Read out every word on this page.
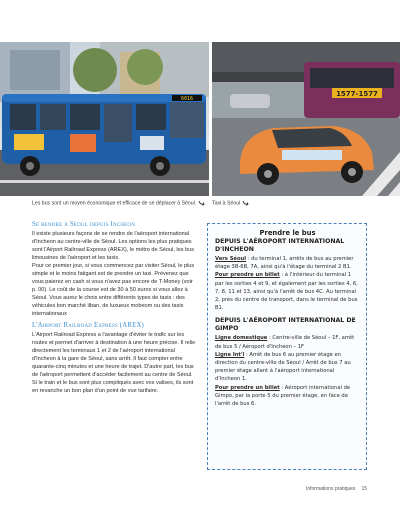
6016
1577-1577
Les bus sont un moyen économique et efficace de se déplacer à Séoul.	Taxi à Séoul
Se rendre à Séoul depuis Incheon

Il existe plusieurs façons de se rendre de l'aéroport international d'Incheon au centre-ville de Séoul. Les options les plus pratiques sont l'Airport Railroad Express (AREX), le métro de Séoul, les bus limousines de l'aéroport et les taxis.

Pour ce premier jour, si vous commencez par visiter Séoul, le plus simple et le moins fatigant est de prendre un taxi. Prévenez que vous paierez en cash si vous n'avez pas encore de T-Money (voir p. 00). Le coût de la course est de 30 à 50 euros si vous allez à Séoul. Vous aurez le choix entre différents types de taxis : des véhicules bon marché ilban, de luxueux mobeom ou des taxis internationaux

L'Airport Railroad Express (AREX)

L'Airport Railroad Express a l'avantage d'éviter le trafic sur les routes et permet d'arriver à destination à une heure précise. Il relie directement les terminaux 1 et 2 de l'aéroport international d'Incheon à la gare de Séoul, sans arrêt. Il faut compter entre quarante-cinq minutes et une heure de trajet. D'autre part, les bus de l'aéroport permettent d'accéder facilement au centre de Séoul. Si le train et le bus sont plus compliqués avec vos valises, ils sont en revanche un bon plan d'un point de vue tarifaire.

Prendre le bus
DEPUIS L'AÉROPORT INTERNATIONAL D'INCHEON

Vers Séoul : du terminal 1, arrêts de bus au premier étage 3B-6B, 7A, ainsi qu'à l'étage du terminal 2 B1.

Pour prendre un billet : à l'intérieur du terminal 1 par les sorties 4 et 9, et également par les sorties 4, 6, 7, 8, 11 et 13, ainsi qu'à l'arrêt de bus 4C. Au terminal 2, près du centre de transport, dans le terminal de bus B1.

DEPUIS L'AÉROPORT INTERNATIONAL DE GIMPO

Ligne domestique : Centre-ville de Séoul – 1F, arrêt de bus 5 / Aéroport d'Incheon – 1F

Ligne Int'l : Arrêt de bus 6 au premier étage en direction du centre-ville de Séoul / Arrêt de bus 7 au premier étage allant à l'aéroport international d'Incheon 1.

Pour prendre un billet : Aéroport international de Gimpo, par la porte 5 du premier étage, en face de l'arrêt de bus 6.

Informations pratiques 15
